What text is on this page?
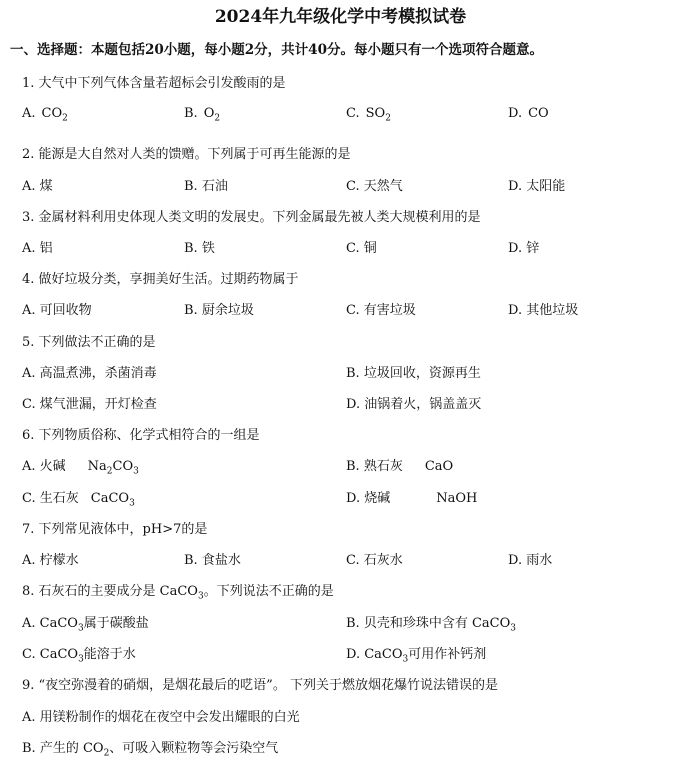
2024年九年级化学中考模拟试卷
一、选择题：本题包括20小题，每小题2分，共计40分。每小题只有一个选项符合题意。
1. 大气中下列气体含量若超标会引发酸雨的是
A. $CO_2$	B. $O_2$	C. $SO_2$	D. CO
2. 能源是大自然对人类的馈赠。下列属于可再生能源的是
A. 煤	B. 石油	C. 天然气	D. 太阳能
3. 金属材料利用史体现人类文明的发展史。下列金属最先被人类大规模利用的是
A. 铝	B. 铁	C. 铜	D. 锌
4. 做好垃圾分类，享拥美好生活。过期药物属于
A. 可回收物	B. 厨余垃圾	C. 有害垃圾	D. 其他垃圾
5. 下列做法不正确的是
A. 高温煮沸，杀菌消毒	B. 垃圾回收，资源再生
C. 煤气泄漏，开灯检查	D. 油锅着火，锅盖盖灭
6. 下列物质俗称、化学式相符合的一组是
A. 火碱 $Na_2CO_3$	B. 熟石灰 CaO
C. 生石灰 CaCO$_3$	D. 烧碱	NaOH
7. 下列常见液体中，pH>7的是
A. 柠檬水	B. 食盐水	C. 石灰水	D. 雨水
8. 石灰石的主要成分是 CaCO$_3$。下列说法不正确的是
A. CaCO$_3$属于碳酸盐	B. 贝壳和珍珠中含有 CaCO$_3$
C. CaCO$_3$能溶于水	D. CaCO$_3$可用作补钙剂
9. “夜空弥漫着的硝烟，是烟花最后的呓语”。 下列关于燃放烟花爆竹说法错误的是
A. 用镁粉制作的烟花在夜空中会发出耀眼的白光
B. 产生的 $CO_2$、可吸入颗粒物等会污染空气
